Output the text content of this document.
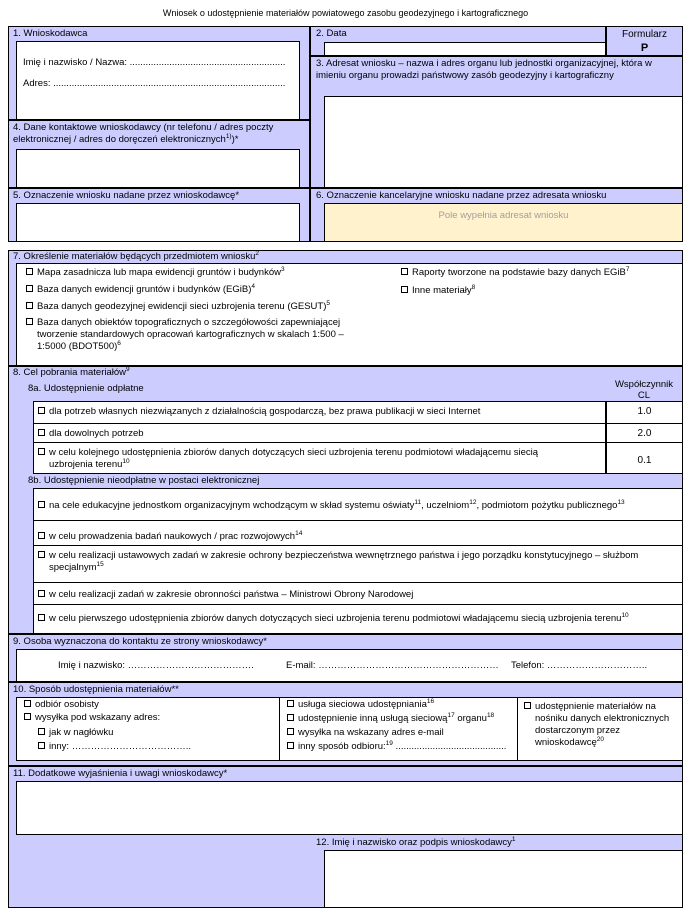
Wniosek o udostępnienie materiałów powiatowego zasobu geodezyjnego i kartograficznego
1. Wnioskodawca
Imię i nazwisko / Nazwa: ...........................................................
Adres: ........................................................................................
2. Data	Formularz
P
3. Adresat wniosku – nazwa i adres organu lub jednostki organizacyjnej, która w imieniu organu prowadzi państwowy zasób geodezyjny i kartograficzny
4. Dane kontaktowe wnioskodawcy (nr telefonu / adres poczty elektronicznej / adres do doręczeń elektronicznych$^{1)}$)*
5. Oznaczenie wniosku nadane przez wnioskodawcę*	6. Oznaczenie kancelaryjne wniosku nadane przez adresata wniosku
Pole wypełnia adresat wniosku
7. Określenie materiałów będących przedmiotem wniosku$^2$
Mapa zasadnicza lub mapa ewidencji gruntów i budynków$^3$
Baza danych ewidencji gruntów i budynków (EGiB)$^4$
Baza danych geodezyjnej ewidencji sieci uzbrojenia terenu (GESUT)$^5$
Baza danych obiektów topograficznych o szczegółowości zapewniającej tworzenie standardowych opracowań kartograficznych w skalach 1:500 – 1:5000 (BDOT500)$^6$
Raporty tworzone na podstawie bazy danych EGiB$^7$
Inne materiały$^8$
8. Cel pobrania materiałów$^9$
8a. Udostępnienie odpłatne	Współczynnik CL
dla potrzeb własnych niezwiązanych z działalnością gospodarczą, bez prawa publikacji w sieci Internet	1.0
dla dowolnych potrzeb	2.0
w celu kolejnego udostępnienia zbiorów danych dotyczących sieci uzbrojenia terenu podmiotowi władającemu siecią uzbrojenia terenu$^{10}$	0.1
8b. Udostępnienie nieodpłatne w postaci elektronicznej
na cele edukacyjne jednostkom organizacyjnym wchodzącym w skład systemu oświaty$^{11}$, uczelniom$^{12}$, podmiotom pożytku publicznego$^{13}$
w celu prowadzenia badań naukowych / prac rozwojowych$^{14}$
w celu realizacji ustawowych zadań w zakresie ochrony bezpieczeństwa wewnętrznego państwa i jego porządku konstytucyjnego – służbom specjalnym$^{15}$
w celu realizacji zadań w zakresie obronności państwa – Ministrowi Obrony Narodowej
w celu pierwszego udostępnienia zbiorów danych dotyczących sieci uzbrojenia terenu podmiotowi władającemu siecią uzbrojenia terenu$^{10}$
9. Osoba wyznaczona do kontaktu ze strony wnioskodawcy*
Imię i nazwisko: ………………………………….	E-mail: ………………………………………………… Telefon: …………………………..
10. Sposób udostępnienia materiałów**
odbiór osobisty
wysyłka pod wskazany adres:
jak w nagłówku
inny: ………………………………..
usługa sieciowa udostępniania$^{16}$
udostępnienie inną usługą sieciową$^{17}$ organu$^{18}$
wysyłka na wskazany adres e-mail
inny sposób odbioru:$^{19}$ ..........................................
udostępnienie materiałów na nośniku danych elektronicznych dostarczonym przez wnioskodawcę$^{20}$
11. Dodatkowe wyjaśnienia i uwagi wnioskodawcy*
12. Imię i nazwisko oraz podpis wnioskodawcy$^1$
